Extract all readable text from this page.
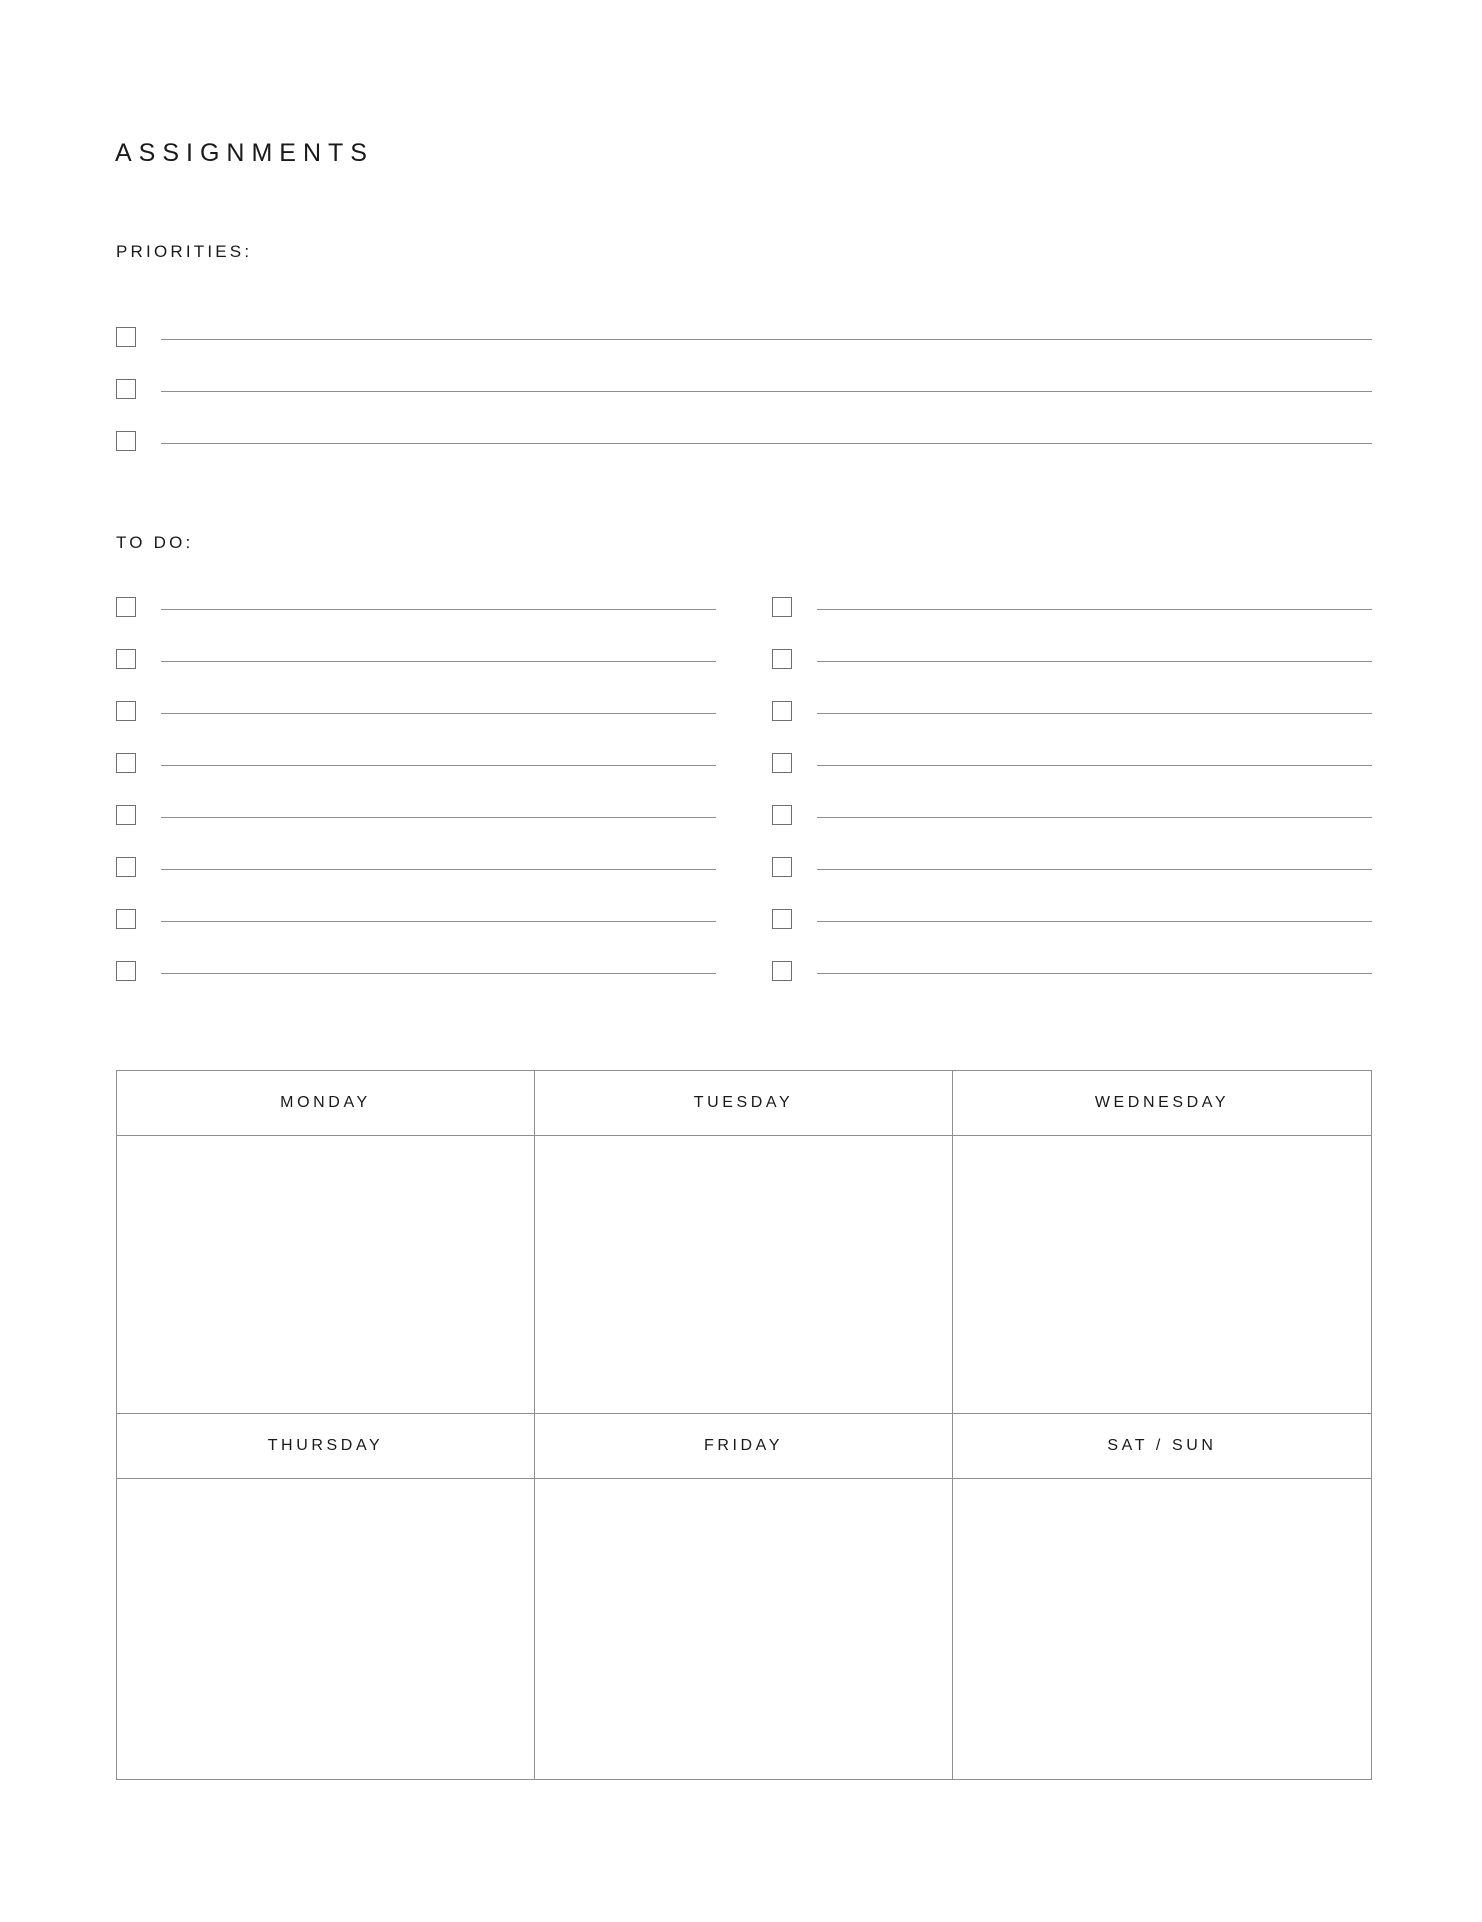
ASSIGNMENTS
PRIORITIES:
TO DO:
MONDAY	TUESDAY	WEDNESDAY
THURSDAY	FRIDAY	SAT / SUN
